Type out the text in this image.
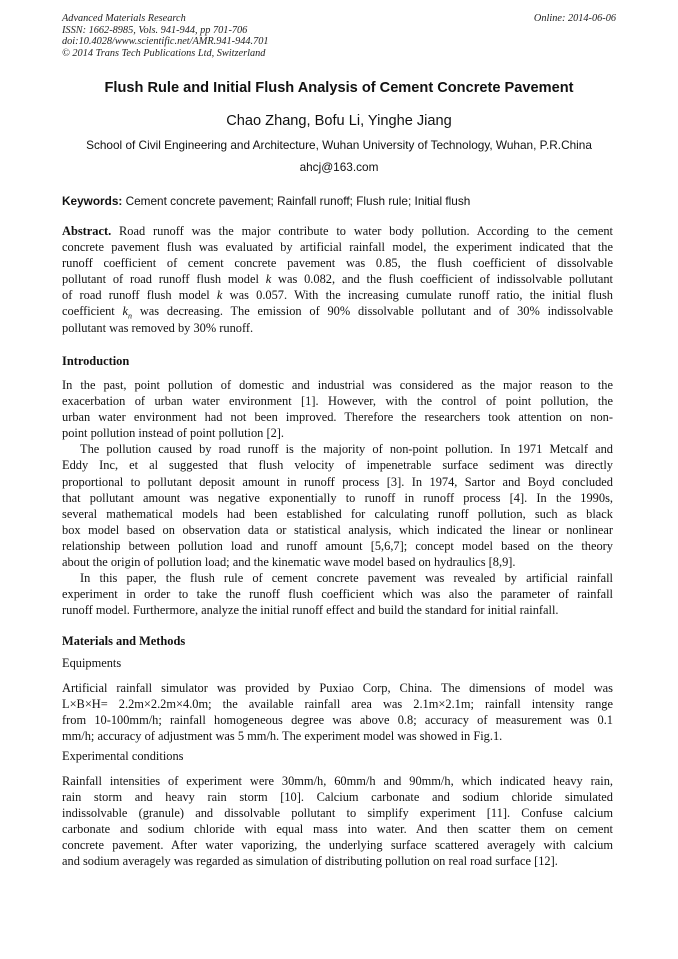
Advanced Materials Research
ISSN: 1662-8985, Vols. 941-944, pp 701-706
doi:10.4028/www.scientific.net/AMR.941-944.701
© 2014 Trans Tech Publications Ltd, Switzerland
Online: 2014-06-06
Flush Rule and Initial Flush Analysis of Cement Concrete Pavement
Chao Zhang, Bofu Li, Yinghe Jiang
School of Civil Engineering and Architecture, Wuhan University of Technology, Wuhan, P.R.China
ahcj@163.com
Keywords: Cement concrete pavement; Rainfall runoff; Flush rule; Initial flush
Abstract. Road runoff was the major contribute to water body pollution. According to the cement
concrete pavement flush was evaluated by artificial rainfall model, the experiment indicated that the
runoff coefficient of cement concrete pavement was 0.85, the flush coefficient of dissolvable
pollutant of road runoff flush model k was 0.082, and the flush coefficient of indissolvable pollutant
of road runoff flush model k was 0.057. With the increasing cumulate runoff ratio, the initial flush
coefficient $k_n$ was decreasing. The emission of 90% dissolvable pollutant and of 30% indissolvable
pollutant was removed by 30% runoff.
Introduction
In the past, point pollution of domestic and industrial was considered as the major reason to the
exacerbation of urban water environment [1]. However, with the control of point pollution, the
urban water environment had not been improved. Therefore the researchers took attention on non-
point pollution instead of point pollution [2].
The pollution caused by road runoff is the majority of non-point pollution. In 1971 Metcalf and
Eddy Inc, et al suggested that flush velocity of impenetrable surface sediment was directly
proportional to pollutant deposit amount in runoff process [3]. In 1974, Sartor and Boyd concluded
that pollutant amount was negative exponentially to runoff in runoff process [4]. In the 1990s,
several mathematical models had been established for calculating runoff pollution, such as black
box model based on observation data or statistical analysis, which indicated the linear or nonlinear
relationship between pollution load and runoff amount [5,6,7]; concept model based on the theory
about the origin of pollution load; and the kinematic wave model based on hydraulics [8,9].
In this paper, the flush rule of cement concrete pavement was revealed by artificial rainfall
experiment in order to take the runoff flush coefficient which was also the parameter of rainfall
runoff model. Furthermore, analyze the initial runoff effect and build the standard for initial rainfall.
Materials and Methods
Equipments
Artificial rainfall simulator was provided by Puxiao Corp, China. The dimensions of model was
L×B×H= 2.2m×2.2m×4.0m; the available rainfall area was 2.1m×2.1m; rainfall intensity range
from 10-100mm/h; rainfall homogeneous degree was above 0.8; accuracy of measurement was 0.1
mm/h; accuracy of adjustment was 5 mm/h. The experiment model was showed in Fig.1.
Experimental conditions
Rainfall intensities of experiment were 30mm/h, 60mm/h and 90mm/h, which indicated heavy rain,
rain storm and heavy rain storm [10]. Calcium carbonate and sodium chloride simulated
indissolvable (granule) and dissolvable pollutant to simplify experiment [11]. Confuse calcium
carbonate and sodium chloride with equal mass into water. And then scatter them on cement
concrete pavement. After water vaporizing, the underlying surface scattered averagely with calcium
and sodium averagely was regarded as simulation of distributing pollution on real road surface [12].
